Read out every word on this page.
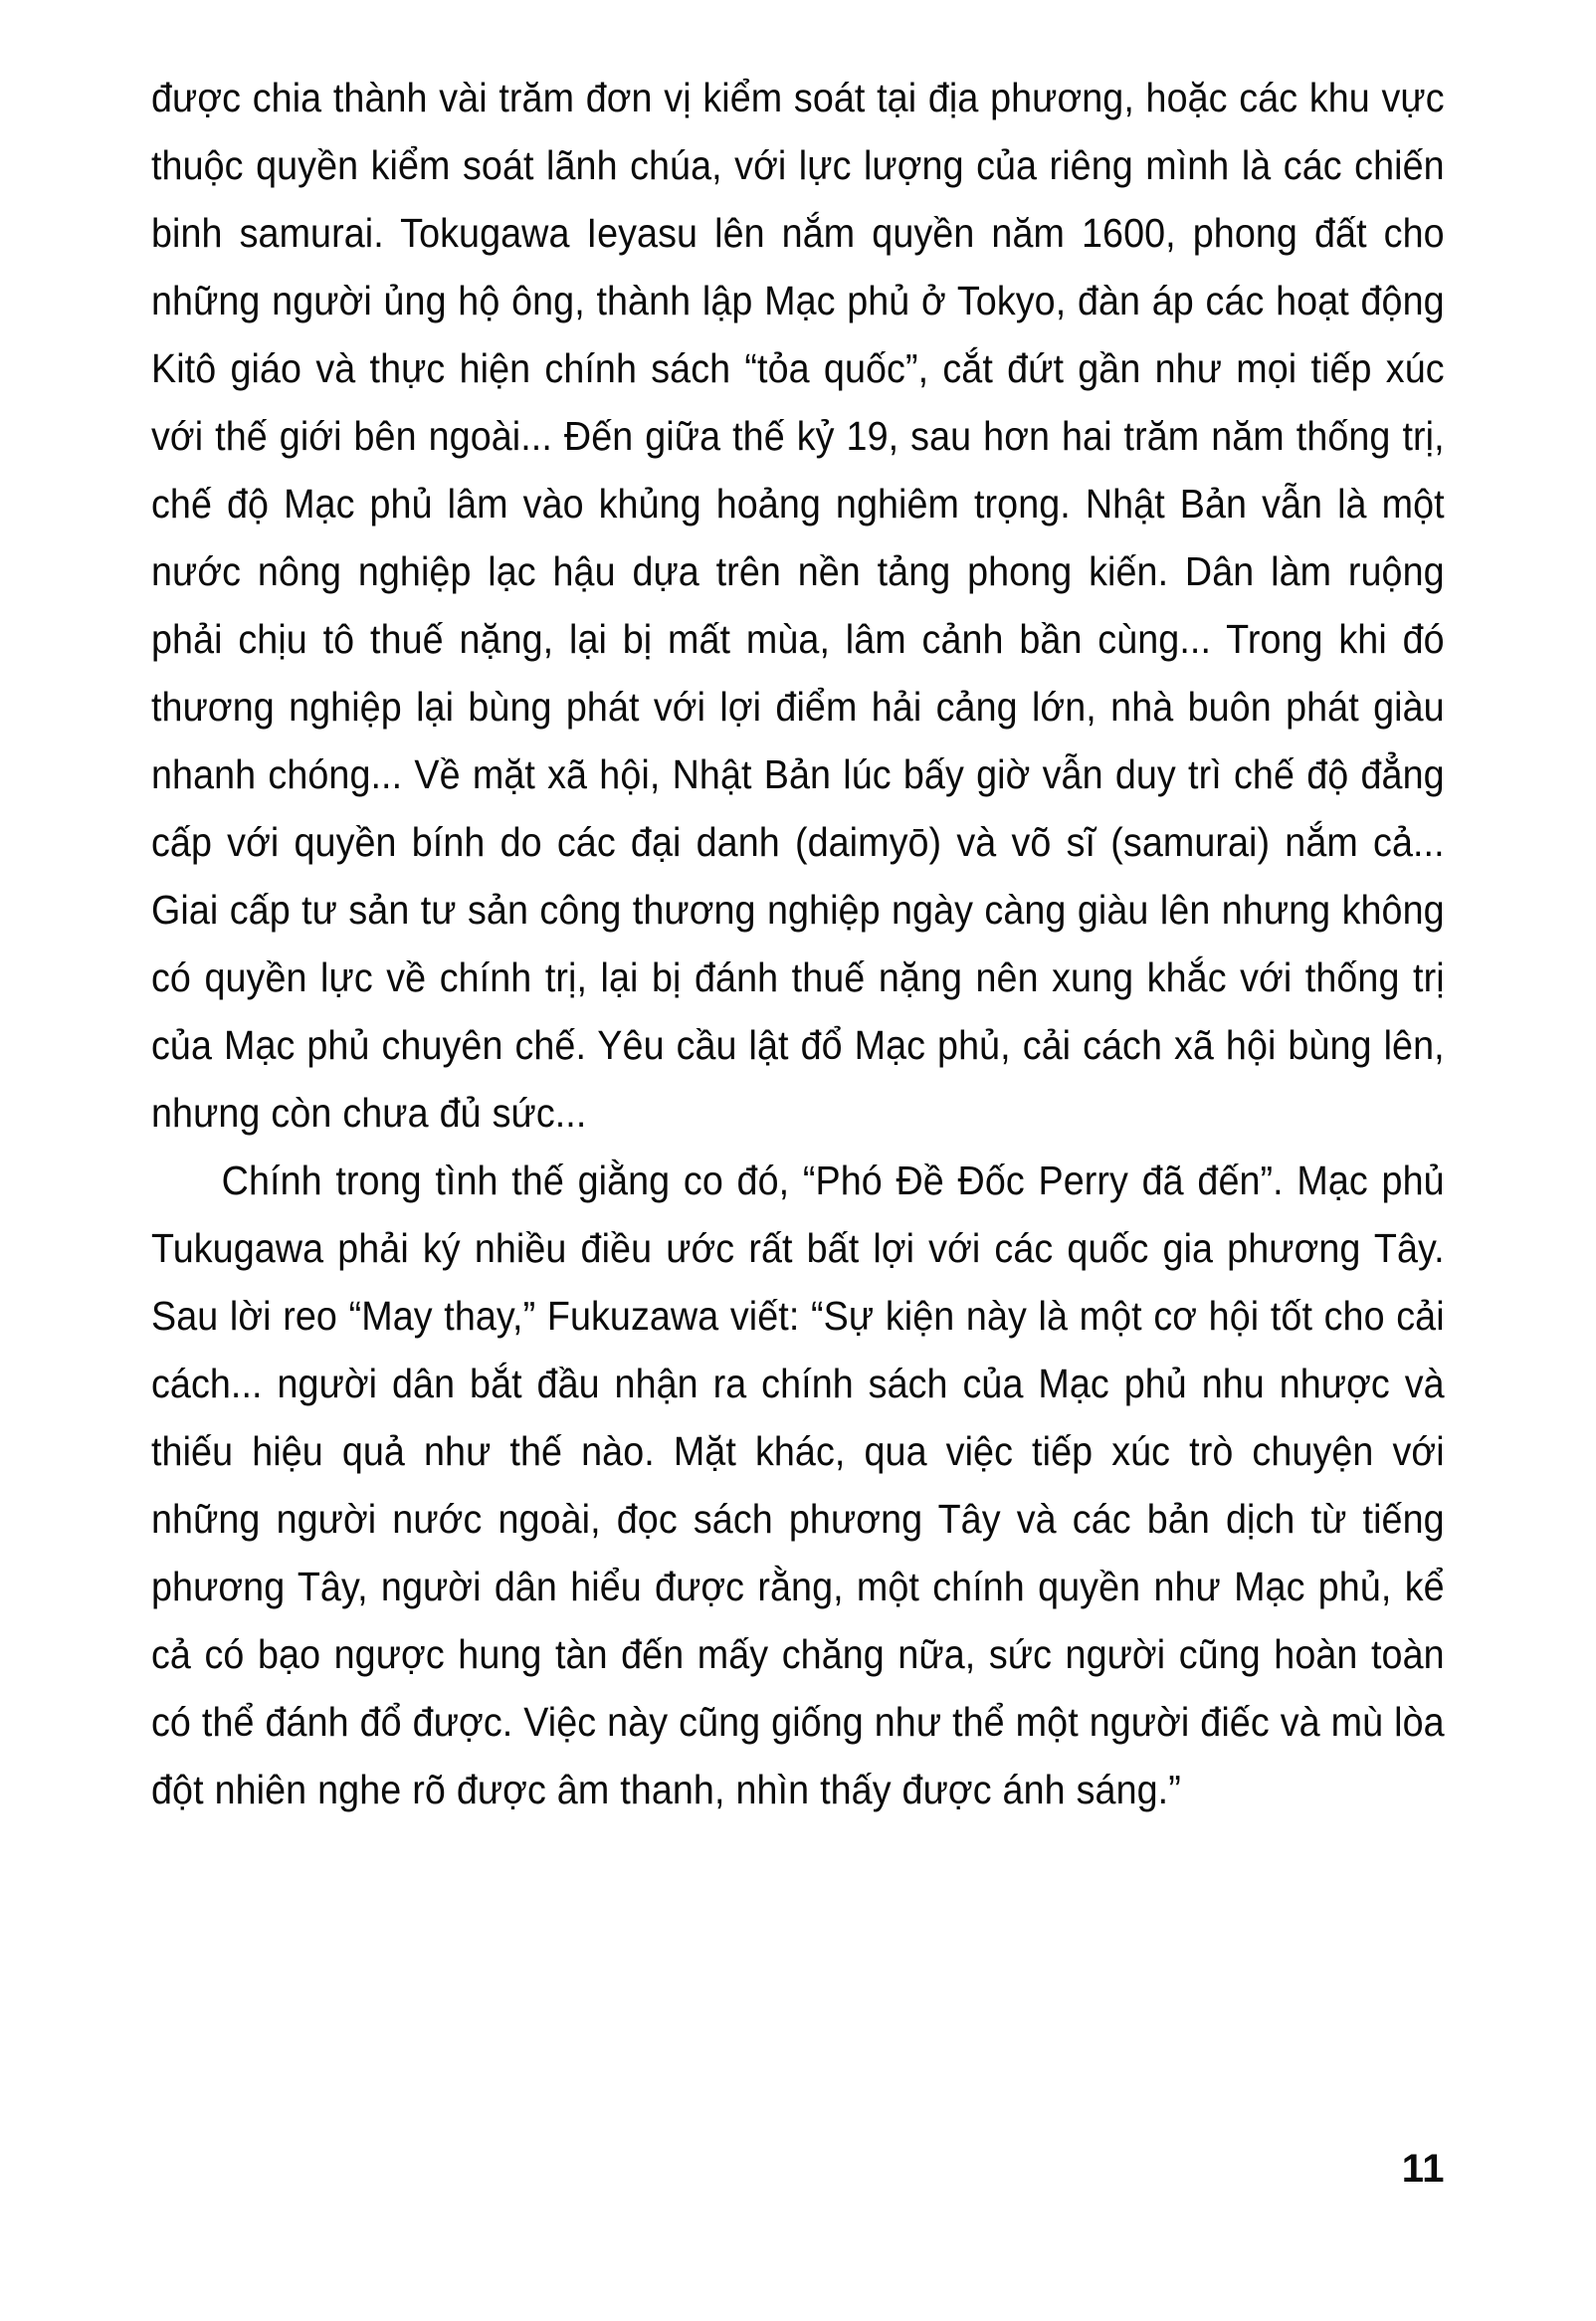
được chia thành vài trăm đơn vị kiểm soát tại địa phương, hoặc các khu vực thuộc quyền kiểm soát lãnh chúa, với lực lượng của riêng mình là các chiến binh samurai. Tokugawa Ieyasu lên nắm quyền năm 1600, phong đất cho những người ủng hộ ông, thành lập Mạc phủ ở Tokyo, đàn áp các hoạt động Kitô giáo và thực hiện chính sách “tỏa quốc”, cắt đứt gần như mọi tiếp xúc với thế giới bên ngoài... Đến giữa thế kỷ 19, sau hơn hai trăm năm thống trị, chế độ Mạc phủ lâm vào khủng hoảng nghiêm trọng. Nhật Bản vẫn là một nước nông nghiệp lạc hậu dựa trên nền tảng phong kiến. Dân làm ruộng phải chịu tô thuế nặng, lại bị mất mùa, lâm cảnh bần cùng... Trong khi đó thương nghiệp lại bùng phát với lợi điểm hải cảng lớn, nhà buôn phát giàu nhanh chóng... Về mặt xã hội, Nhật Bản lúc bấy giờ vẫn duy trì chế độ đẳng cấp với quyền bính do các đại danh (daimyō) và võ sĩ (samurai) nắm cả... Giai cấp tư sản tư sản công thương nghiệp ngày càng giàu lên nhưng không có quyền lực về chính trị, lại bị đánh thuế nặng nên xung khắc với thống trị của Mạc phủ chuyên chế. Yêu cầu lật đổ Mạc phủ, cải cách xã hội bùng lên, nhưng còn chưa đủ sức...

Chính trong tình thế giằng co đó, “Phó Đề Đốc Perry đã đến”. Mạc phủ Tukugawa phải ký nhiều điều ước rất bất lợi với các quốc gia phương Tây. Sau lời reo “May thay,” Fukuzawa viết: “Sự kiện này là một cơ hội tốt cho cải cách... người dân bắt đầu nhận ra chính sách của Mạc phủ nhu nhược và thiếu hiệu quả như thế nào. Mặt khác, qua việc tiếp xúc trò chuyện với những người nước ngoài, đọc sách phương Tây và các bản dịch từ tiếng phương Tây, người dân hiểu được rằng, một chính quyền như Mạc phủ, kể cả có bạo ngược hung tàn đến mấy chăng nữa, sức người cũng hoàn toàn có thể đánh đổ được. Việc này cũng giống như thể một người điếc và mù lòa đột nhiên nghe rõ được âm thanh, nhìn thấy được ánh sáng.”

11
